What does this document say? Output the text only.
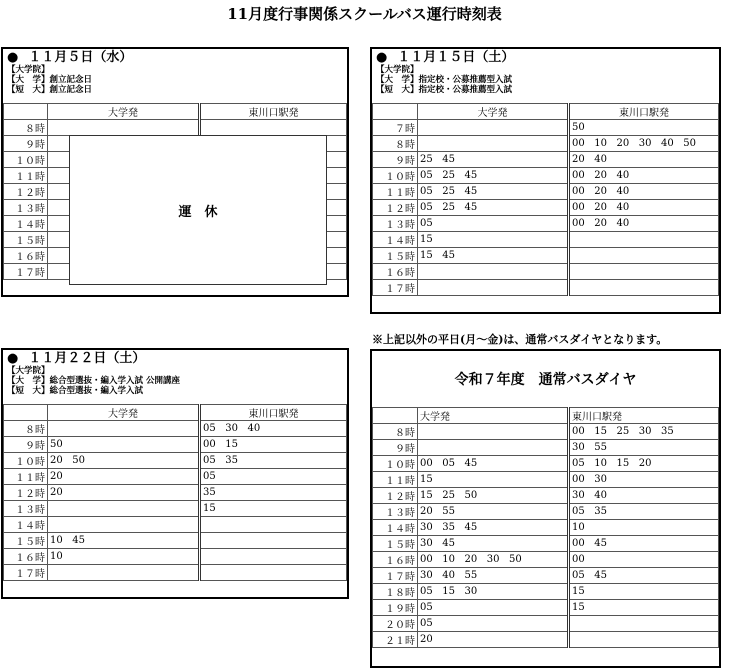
11月度行事関係スクールバス運行時刻表
● １１月５日（水）
【大学院】
【大　学】創立記念日
【短　大】創立記念日
	大学発	東川口駅発
８時		
９時		
１０時		
１１時		
１２時		
１３時		
１４時		
１５時		
１６時		
１７時		
運　休
● １１月１５日（土）
【大学院】
【大　学】指定校・公募推薦型入試
【短　大】指定校・公募推薦型入試
	大学発	東川口駅発
７時		50
８時		00   10   20   30   40   50
９時	25   45	20   40
１０時	05   25   45	00   20   40
１１時	05   25   45	00   20   40
１２時	05   25   45	00   20   40
１３時	05	00   20   40
１４時	15	
１５時	15   45	
１６時		
１７時		
● １１月２２日（土）
【大学院】
【大　学】総合型選抜・編入学入試 公開講座
【短　大】総合型選抜・編入学入試
	大学発	東川口駅発
８時		05   30   40
９時	50	00   15
１０時	20   50	05   35
１１時	20	05
１２時	20	35
１３時		15
１４時		
１５時	10   45	
１６時	10	
１７時		
※上記以外の平日(月～金)は、通常バスダイヤとなります。
令和７年度　通常バスダイヤ
	大学発	東川口駅発
８時		00   15   25   30   35
９時		30   55
１０時	00   05   45	05   10   15   20
１１時	15	00   30
１２時	15   25   50	30   40
１３時	20   55	05   35
１４時	30   35   45	10
１５時	30   45	00   45
１６時	00   10   20   30   50	00
１７時	30   40   55	05   45
１８時	05   15   30	15
１９時	05	15
２０時	05	
２１時	20	
